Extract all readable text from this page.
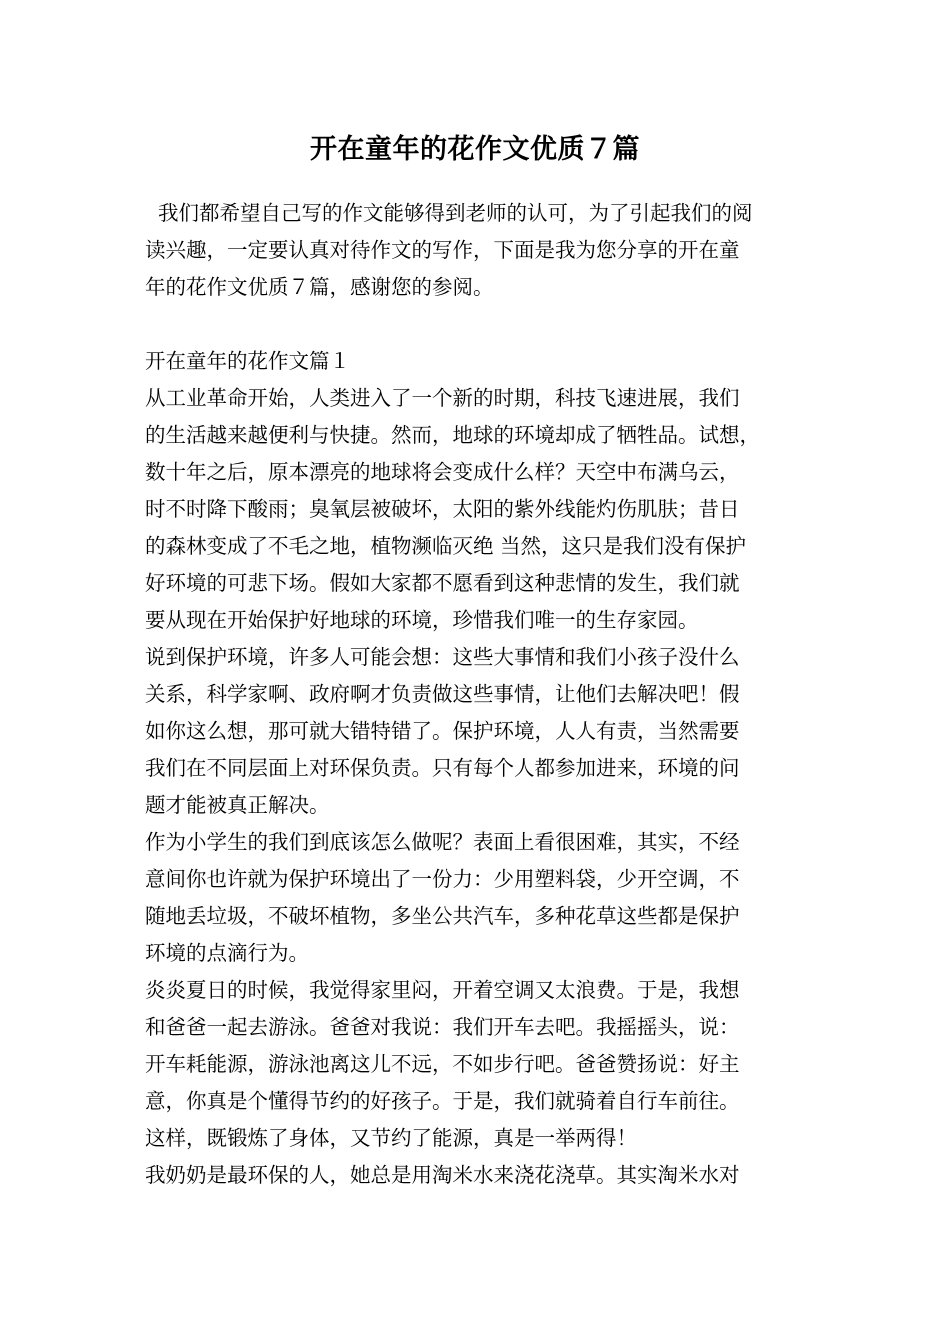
开在童年的花作文优质７篇
我们都希望自己写的作文能够得到老师的认可，为了引起我们的阅
读兴趣，一定要认真对待作文的写作，下面是我为您分享的开在童
年的花作文优质７篇，感谢您的参阅。
开在童年的花作文篇１
从工业革命开始，人类进入了一个新的时期，科技飞速进展，我们
的生活越来越便利与快捷。然而，地球的环境却成了牺牲品。试想，
数十年之后，原本漂亮的地球将会变成什么样？天空中布满乌云，
时不时降下酸雨；臭氧层被破坏，太阳的紫外线能灼伤肌肤；昔日
的森林变成了不毛之地，植物濒临灭绝 当然，这只是我们没有保护
好环境的可悲下场。假如大家都不愿看到这种悲情的发生，我们就
要从现在开始保护好地球的环境，珍惜我们唯一的生存家园。
说到保护环境，许多人可能会想：这些大事情和我们小孩子没什么
关系，科学家啊、政府啊才负责做这些事情，让他们去解决吧！假
如你这么想，那可就大错特错了。保护环境，人人有责，当然需要
我们在不同层面上对环保负责。只有每个人都参加进来，环境的问
题才能被真正解决。
作为小学生的我们到底该怎么做呢？表面上看很困难，其实，不经
意间你也许就为保护环境出了一份力：少用塑料袋，少开空调，不
随地丢垃圾，不破坏植物，多坐公共汽车，多种花草这些都是保护
环境的点滴行为。
炎炎夏日的时候，我觉得家里闷，开着空调又太浪费。于是，我想
和爸爸一起去游泳。爸爸对我说：我们开车去吧。我摇摇头，说：
开车耗能源，游泳池离这儿不远，不如步行吧。爸爸赞扬说：好主
意，你真是个懂得节约的好孩子。于是，我们就骑着自行车前往。
这样，既锻炼了身体，又节约了能源，真是一举两得！
我奶奶是最环保的人，她总是用淘米水来浇花浇草。其实淘米水对
